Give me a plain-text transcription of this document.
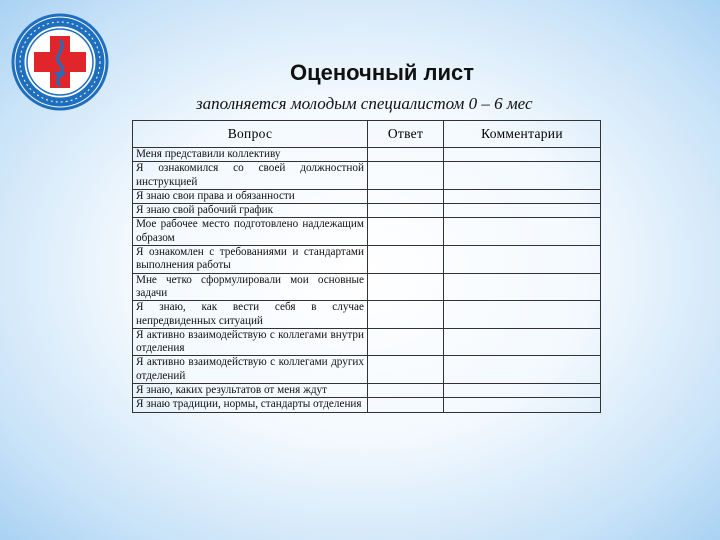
Оценочный лист
заполняется молодым специалистом 0 – 6 мес
Вопрос	Ответ	Комментарии
Меня представили коллективу		
Я ознакомился со своей должностной инструкцией		
Я знаю свои права и обязанности		
Я знаю свой рабочий график		
Мое рабочее место подготовлено надлежащим образом		
Я ознакомлен с требованиями и стандартами выполнения работы		
Мне четко сформулировали мои основные задачи		
Я знаю, как вести себя в случае непредвиденных ситуаций		
Я активно взаимодействую с коллегами внутри отделения		
Я активно взаимодействую с коллегами других отделений		
Я знаю, каких результатов от меня ждут		
Я знаю традиции, нормы, стандарты отделения		
